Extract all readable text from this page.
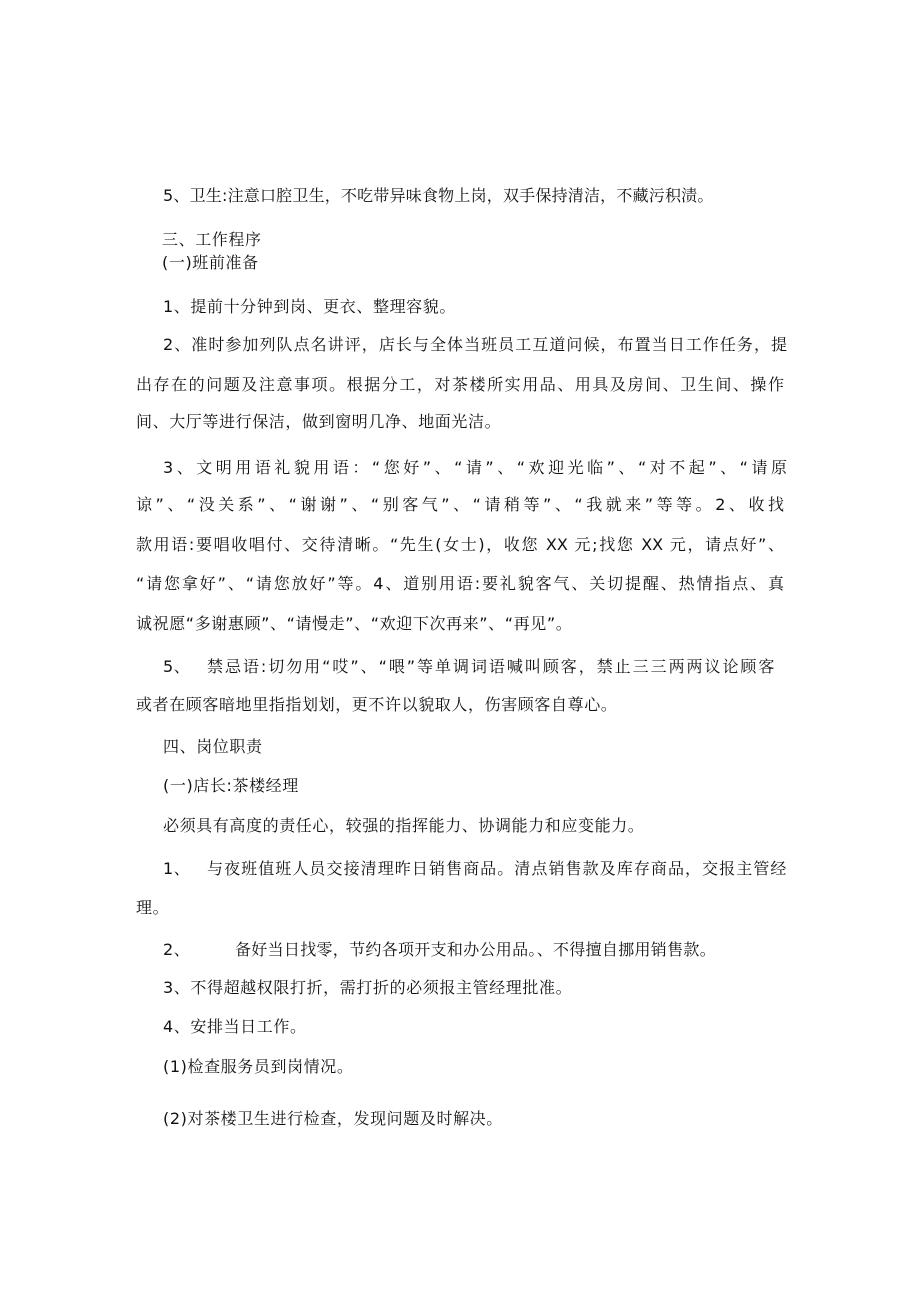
5、卫生:注意口腔卫生，不吃带异味食物上岗，双手保持清洁，不藏污积渍。
三、工作程序
(一)班前准备
1、提前十分钟到岗、更衣、整理容貌。
2、准时参加列队点名讲评，店长与全体当班员工互道问候，布置当日工作任务，提
出存在的问题及注意事项。根据分工，对茶楼所实用品、用具及房间、卫生间、操作
间、大厅等进行保洁，做到窗明几净、地面光洁。
3、文明用语礼貌用语：“您好”、“请”、“欢迎光临”、“对不起”、“请原
谅”、“没关系”、“谢谢”、“别客气”、“请稍等”、“我就来”等等。2、收找
款用语:要唱收唱付、交待清晰。“先生(女士)，收您 XX 元;找您 XX 元，请点好”、
“请您拿好”、“请您放好”等。4、道别用语:要礼貌客气、关切提醒、热情指点、真
诚祝愿“多谢惠顾”、“请慢走”、“欢迎下次再来”、“再见”。
5、 禁忌语:切勿用“哎”、“喂”等单调词语喊叫顾客，禁止三三两两议论顾客
或者在顾客暗地里指指划划，更不许以貌取人，伤害顾客自尊心。
四、岗位职责
(一)店长:茶楼经理
必须具有高度的责任心，较强的指挥能力、协调能力和应变能力。
1、 与夜班值班人员交接清理昨日销售商品。清点销售款及库存商品，交报主管经
理。
2、	备好当日找零，节约各项开支和办公用品。、不得擅自挪用销售款。
3、不得超越权限打折，需打折的必须报主管经理批准。
4、安排当日工作。
(1)检查服务员到岗情况。
(2)对茶楼卫生进行检查，发现问题及时解决。
